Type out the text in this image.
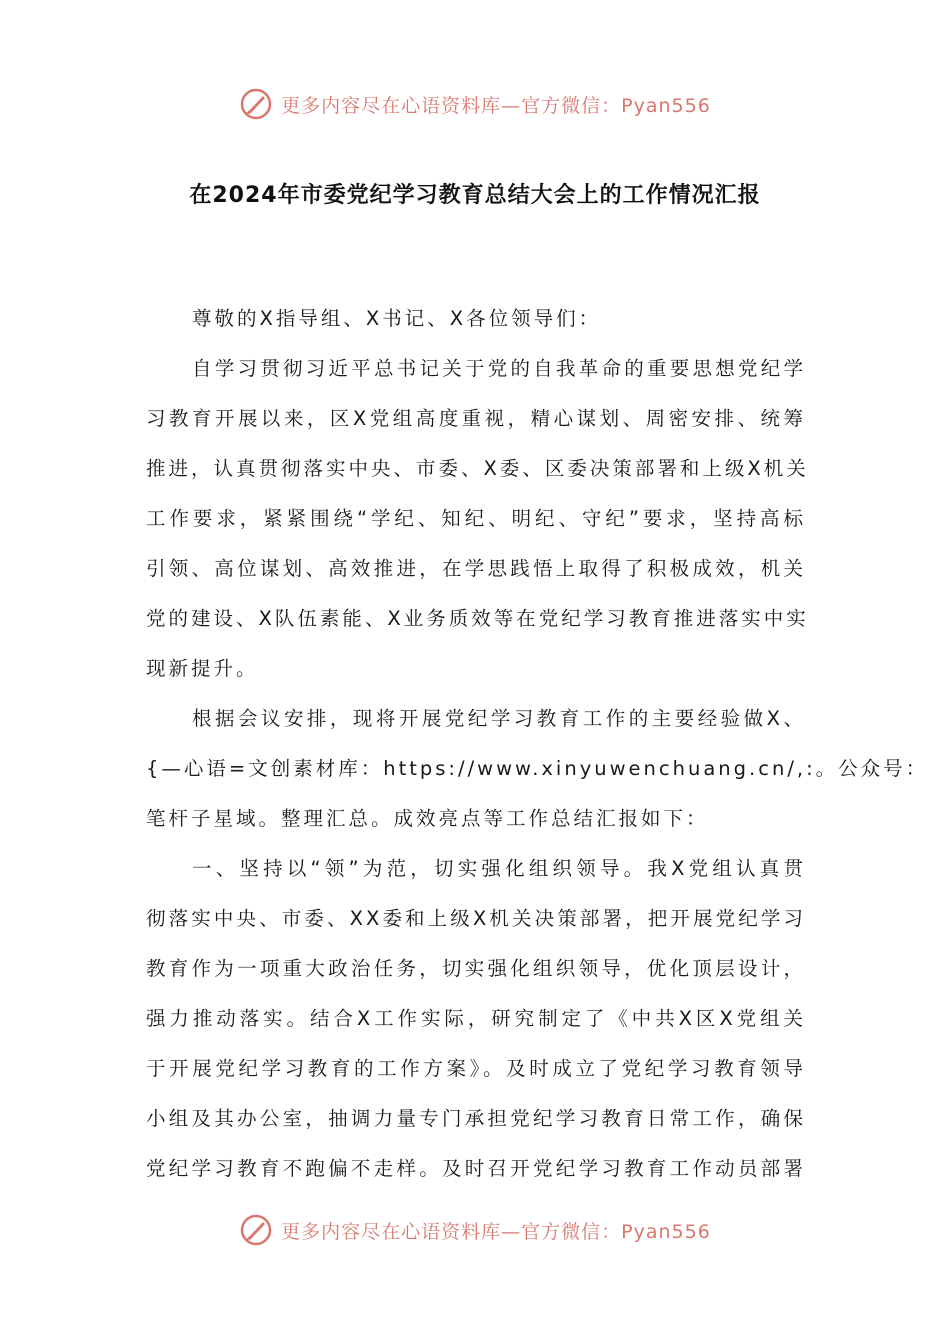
更多内容尽在心语资料库—官方微信：Pyan556
在2024年市委党纪学习教育总结大会上的工作情况汇报

尊敬的X指导组、X书记、X各位领导们：

自学习贯彻习近平总书记关于党的自我革命的重要思想党纪学

习教育开展以来，区X党组高度重视，精心谋划、周密安排、统筹

推进，认真贯彻落实中央、市委、X委、区委决策部署和上级X机关

工作要求，紧紧围绕“学纪、知纪、明纪、守纪”要求，坚持高标

引领、高位谋划、高效推进，在学思践悟上取得了积极成效，机关

党的建设、X队伍素能、X业务质效等在党纪学习教育推进落实中实

现新提升。

根据会议安排，现将开展党纪学习教育工作的主要经验做X、

{—心语=文创素材库：https://www.xinyuwenchuang.cn/,:。公众号：

笔杆子星域。整理汇总。成效亮点等工作总结汇报如下：

一、坚持以“领”为范，切实强化组织领导。我X党组认真贯

彻落实中央、市委、XX委和上级X机关决策部署，把开展党纪学习

教育作为一项重大政治任务，切实强化组织领导，优化顶层设计，

强力推动落实。结合X工作实际，研究制定了《中共X区X党组关

于开展党纪学习教育的工作方案》。及时成立了党纪学习教育领导

小组及其办公室，抽调力量专门承担党纪学习教育日常工作，确保

党纪学习教育不跑偏不走样。及时召开党纪学习教育工作动员部署

更多内容尽在心语资料库—官方微信：Pyan556
